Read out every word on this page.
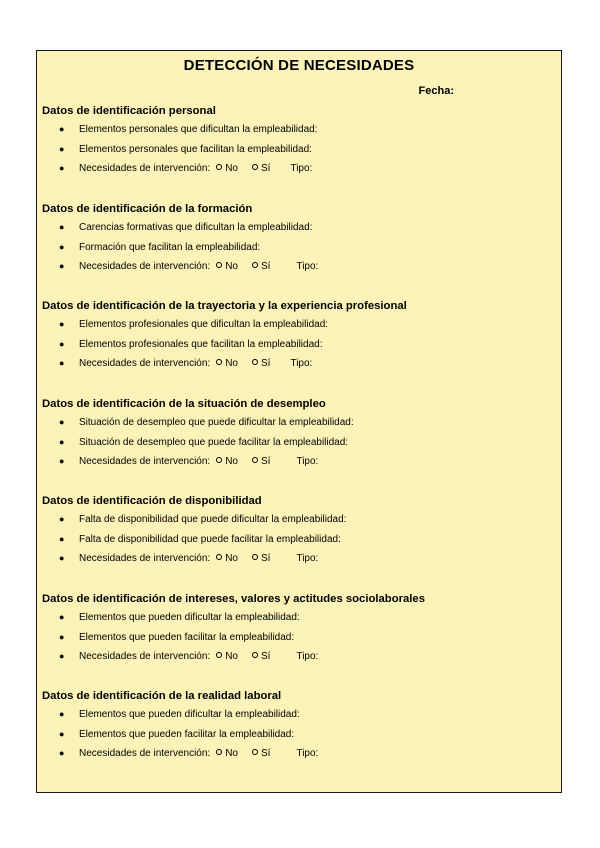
DETECCIÓN DE NECESIDADES
Fecha:
Datos de identificación personal
● Elementos personales que dificultan la empleabilidad:
● Elementos personales que facilitan la empleabilidad:
● Necesidades de intervención: No Sí Tipo:
Datos de identificación de la formación
● Carencias formativas que dificultan la empleabilidad:
● Formación que facilitan la empleabilidad:
● Necesidades de intervención: No Sí	Tipo:
Datos de identificación de la trayectoria y la experiencia profesional
● Elementos profesionales que dificultan la empleabilidad:
● Elementos profesionales que facilitan la empleabilidad:
● Necesidades de intervención: No Sí Tipo:
Datos de identificación de la situación de desempleo
● Situación de desempleo que puede dificultar la empleabilidad:
● Situación de desempleo que puede facilitar la empleabilidad:
● Necesidades de intervención: No Sí	Tipo:
Datos de identificación de disponibilidad
● Falta de disponibilidad que puede dificultar la empleabilidad:
● Falta de disponibilidad que puede facilitar la empleabilidad:
● Necesidades de intervención: No Sí	Tipo:
Datos de identificación de intereses, valores y actitudes sociolaborales
● Elementos que pueden dificultar la empleabilidad:
● Elementos que pueden facilitar la empleabilidad:
● Necesidades de intervención: No Sí	Tipo:
Datos de identificación de la realidad laboral
● Elementos que pueden dificultar la empleabilidad:
● Elementos que pueden facilitar la empleabilidad:
● Necesidades de intervención: No Sí	Tipo:
